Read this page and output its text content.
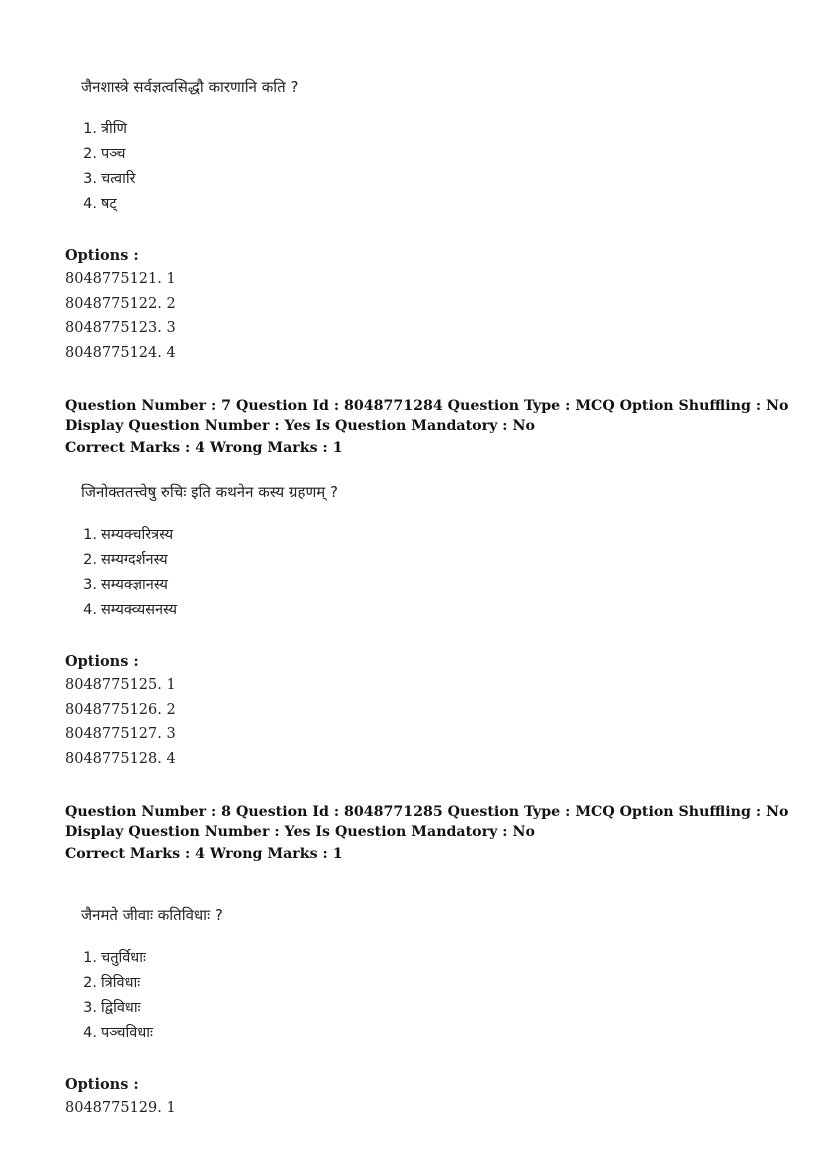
जैनशास्त्रे सर्वज्ञत्वसिद्धौ कारणानि कति ?
1. त्रीणि
2. पञ्च
3. चत्वारि
4. षट्
Options :
8048775121. 1
8048775122. 2
8048775123. 3
8048775124. 4
Question Number : 7 Question Id : 8048771284 Question Type : MCQ Option Shuffling : No
Display Question Number : Yes Is Question Mandatory : No
Correct Marks : 4 Wrong Marks : 1
जिनोक्ततत्त्वेषु रुचिः इति कथनेन कस्य ग्रहणम् ?
1. सम्यक्चरित्रस्य
2. सम्यग्दर्शनस्य
3. सम्यक्ज्ञानस्य
4. सम्यक्व्यसनस्य
Options :
8048775125. 1
8048775126. 2
8048775127. 3
8048775128. 4
Question Number : 8 Question Id : 8048771285 Question Type : MCQ Option Shuffling : No
Display Question Number : Yes Is Question Mandatory : No
Correct Marks : 4 Wrong Marks : 1
जैनमते जीवाः कतिविधाः ?
1. चतुर्विधाः
2. त्रिविधाः
3. द्विविधाः
4. पञ्चविधाः
Options :
8048775129. 1
